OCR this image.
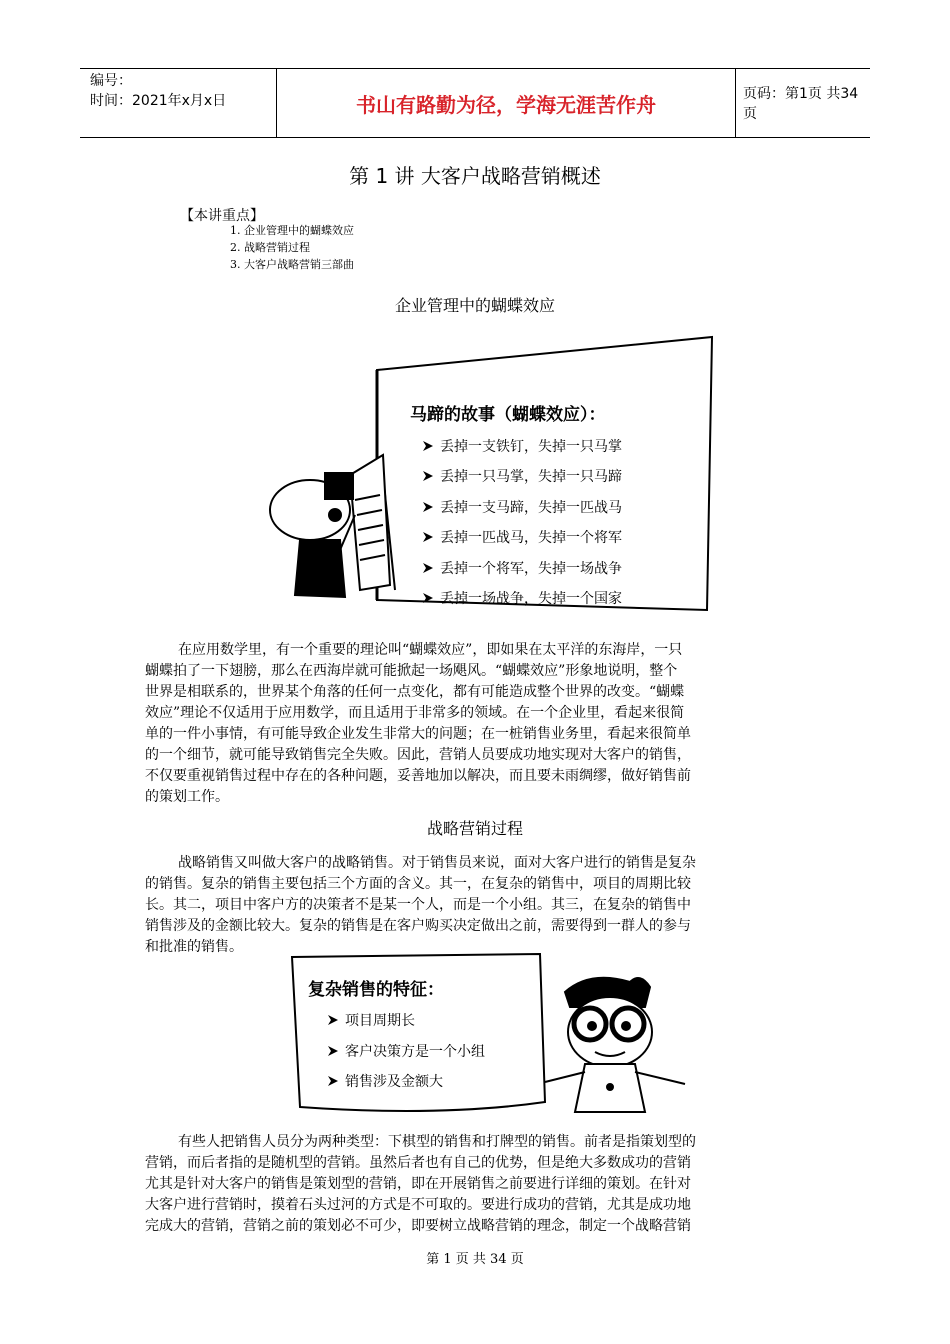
编号：
时间：2021年x月x日	书山有路勤为径，学海无涯苦作舟	页码：第1页 共34页
第 1 讲 大客户战略营销概述
【本讲重点】
1. 企业管理中的蝴蝶效应
2. 战略营销过程
3. 大客户战略营销三部曲
企业管理中的蝴蝶效应
马蹄的故事（蝴蝶效应）：
丢掉一支铁钉，失掉一只马掌
丢掉一只马掌，失掉一只马蹄
丢掉一支马蹄，失掉一匹战马
丢掉一匹战马，失掉一个将军
丢掉一个将军，失掉一场战争
丢掉一场战争，失掉一个国家

在应用数学里，有一个重要的理论叫“蝴蝶效应”，即如果在太平洋的东海岸，一只
蝴蝶拍了一下翅膀，那么在西海岸就可能掀起一场飓风。“蝴蝶效应”形象地说明，整个
世界是相联系的，世界某个角落的任何一点变化，都有可能造成整个世界的改变。“蝴蝶
效应”理论不仅适用于应用数学，而且适用于非常多的领域。在一个企业里，看起来很简
单的一件小事情，有可能导致企业发生非常大的问题；在一桩销售业务里，看起来很简单
的一个细节，就可能导致销售完全失败。因此，营销人员要成功地实现对大客户的销售，
不仅要重视销售过程中存在的各种问题，妥善地加以解决，而且要未雨绸缪，做好销售前
的策划工作。

战略营销过程

战略销售又叫做大客户的战略销售。对于销售员来说，面对大客户进行的销售是复杂
的销售。复杂的销售主要包括三个方面的含义。其一，在复杂的销售中，项目的周期比较
长。其二，项目中客户方的决策者不是某一个人，而是一个小组。其三，在复杂的销售中
销售涉及的金额比较大。复杂的销售是在客户购买决定做出之前，需要得到一群人的参与
和批准的销售。

复杂销售的特征：
项目周期长
客户决策方是一个小组
销售涉及金额大

有些人把销售人员分为两种类型：下棋型的销售和打牌型的销售。前者是指策划型的
营销，而后者指的是随机型的营销。虽然后者也有自己的优势，但是绝大多数成功的营销
尤其是针对大客户的销售是策划型的营销，即在开展销售之前要进行详细的策划。在针对
大客户进行营销时，摸着石头过河的方式是不可取的。要进行成功的营销，尤其是成功地
完成大的营销，营销之前的策划必不可少，即要树立战略营销的理念，制定一个战略营销

第 1 页 共 34 页
